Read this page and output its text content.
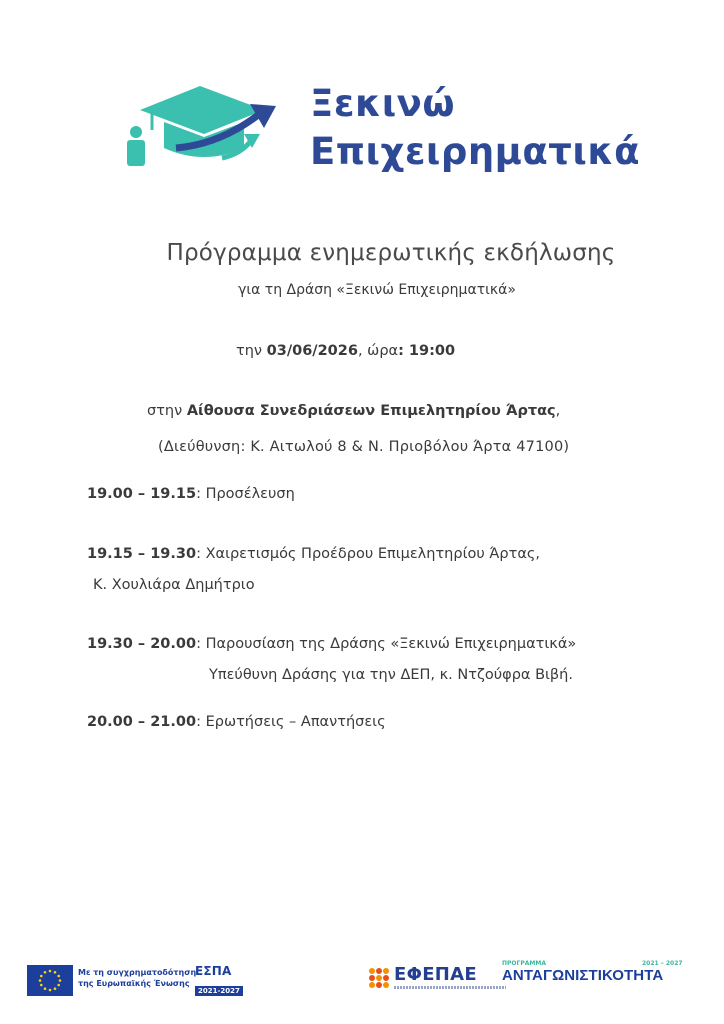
Ξεκινώ
Επιχειρηματικά
Πρόγραμμα ενημερωτικής εκδήλωσης
για τη Δράση «Ξεκινώ Επιχειρηματικά»
την 03/06/2026, ώρα: 19:00
στην Αίθουσα Συνεδριάσεων Επιμελητηρίου Άρτας,
(Διεύθυνση: Κ. Αιτωλού 8 & Ν. Πριοβόλου Άρτα 47100)
19.00 – 19.15: Προσέλευση
19.15 – 19.30: Χαιρετισμός Προέδρου Επιμελητηρίου Άρτας,
Κ. Χουλιάρα Δημήτριο
19.30 – 20.00: Παρουσίαση της Δράσης «Ξεκινώ Επιχειρηματικά»
Υπεύθυνη Δράσης για την ΔΕΠ, κ. Ντζούφρα Βιβή.
20.00 – 21.00: Ερωτήσεις – Απαντήσεις
Με τη συγχρηματοδότηση
της Ευρωπαϊκής Ένωσης
ΕΣΠΑ
2021-2027
ΕΦΕΠΑΕ
ΠΡΟΓΡΑΜΜΑ	2021 – 2027
ΑΝΤΑΓΩΝΙΣΤΙΚΟΤΗΤΑ
